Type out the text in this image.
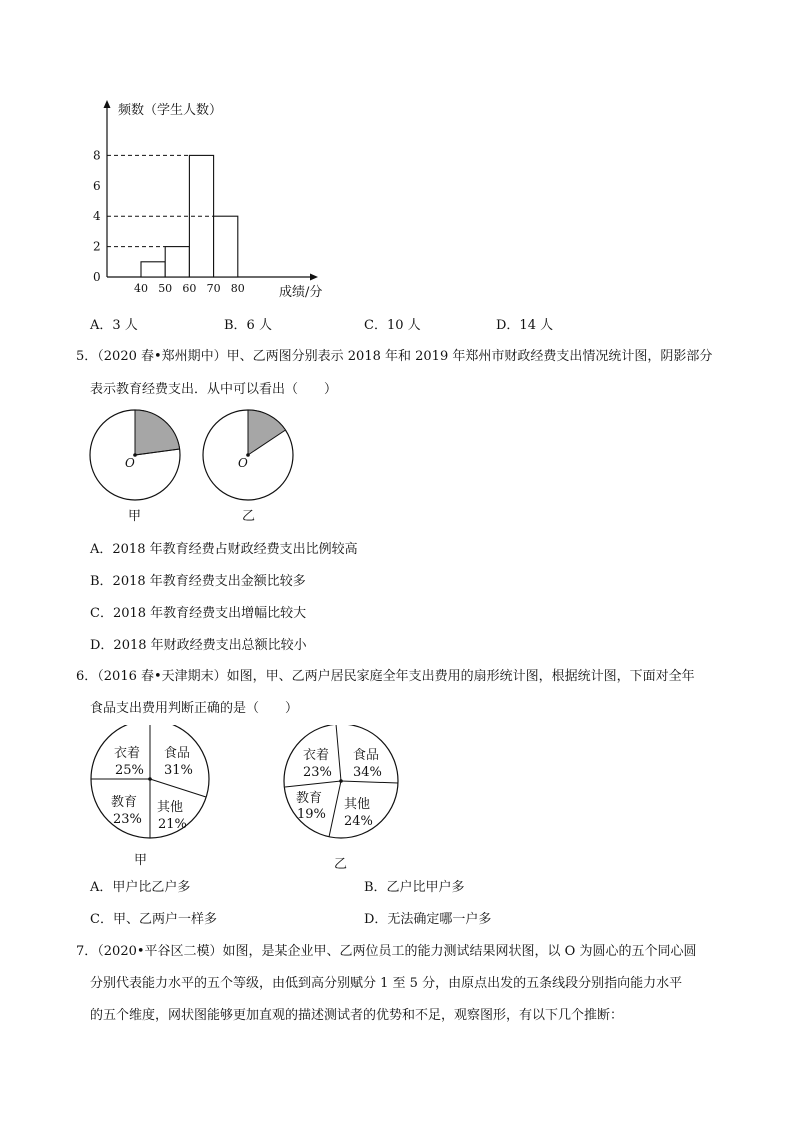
0
2
4
6
8
40 50 60 70 80
频数（学生人数）
成绩/分
A．3 人	B．6 人	C．10 人	D．14 人
5．（2020 春•郑州期中）甲、乙两图分别表示 2018 年和 2019 年郑州市财政经费支出情况统计图，阴影部分
表示教育经费支出．从中可以看出（　　）
O	O
甲	乙
A．2018 年教育经费占财政经费支出比例较高
B．2018 年教育经费支出金额比较多
C．2018 年教育经费支出增幅比较大
D．2018 年财政经费支出总额比较小
6．（2016 春•天津期末）如图，甲、乙两户居民家庭全年支出费用的扇形统计图，根据统计图，下面对全年
食品支出费用判断正确的是（　　）
衣着
25%
食品
31%
教育
23%
其他
21%
衣着
23%
食品
34%
教育
19%
其他
24%
甲	乙
A．甲户比乙户多	B．乙户比甲户多
C．甲、乙两户一样多	D．无法确定哪一户多
7．（2020•平谷区二模）如图，是某企业甲、乙两位员工的能力测试结果网状图，以 O 为圆心的五个同心圆
分别代表能力水平的五个等级，由低到高分别赋分 1 至 5 分，由原点出发的五条线段分别指向能力水平
的五个维度，网状图能够更加直观的描述测试者的优势和不足，观察图形，有以下几个推断：
